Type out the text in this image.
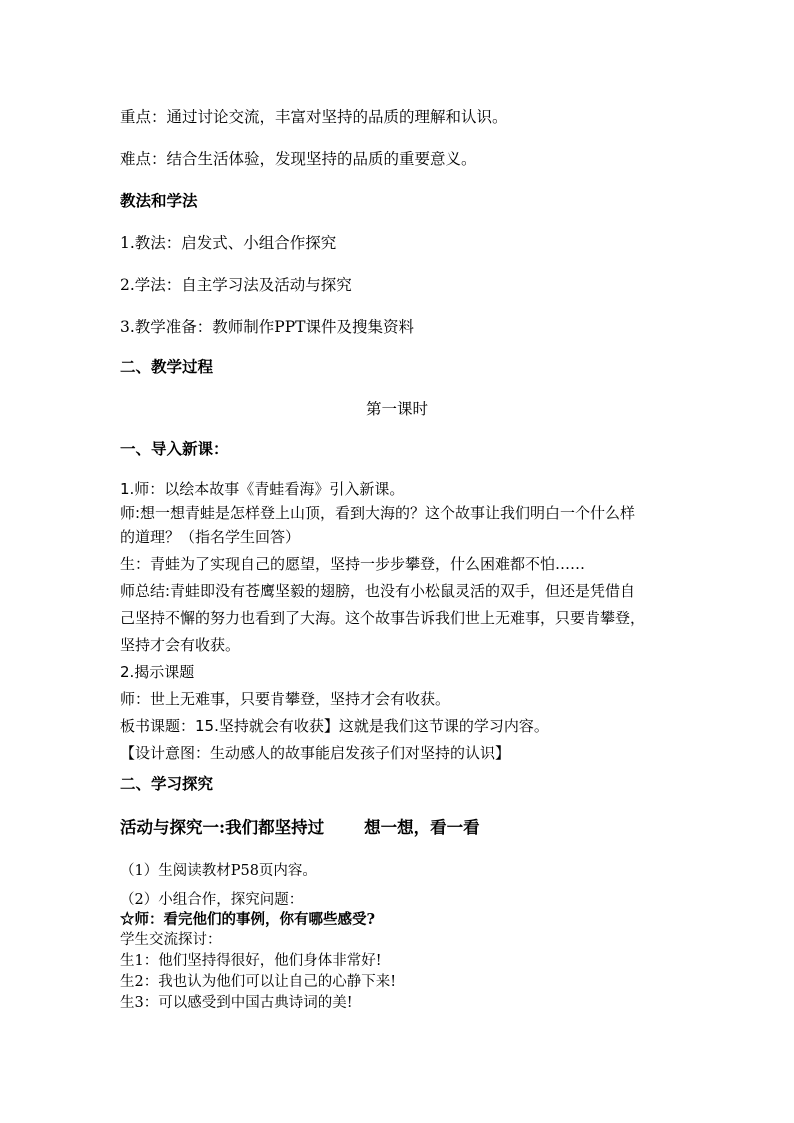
重点：通过讨论交流，丰富对坚持的品质的理解和认识。
难点：结合生活体验，发现坚持的品质的重要意义。
教法和学法
1.教法：启发式、小组合作探究
2.学法：自主学习法及活动与探究
3.教学准备：教师制作PPT课件及搜集资料
二、教学过程
第一课时
一、导入新课：
1.师：以绘本故事《青蛙看海》引入新课。
师:想一想青蛙是怎样登上山顶，看到大海的？这个故事让我们明白一个什么样
的道理？（指名学生回答）
生：青蛙为了实现自己的愿望，坚持一步步攀登，什么困难都不怕……
师总结:青蛙即没有苍鹰坚毅的翅膀，也没有小松鼠灵活的双手，但还是凭借自
己坚持不懈的努力也看到了大海。这个故事告诉我们世上无难事，只要肯攀登，
坚持才会有收获。
2.揭示课题
师：世上无难事，只要肯攀登，坚持才会有收获。
板书课题：15.坚持就会有收获】这就是我们这节课的学习内容。
【设计意图：生动感人的故事能启发孩子们对坚持的认识】
二、学习探究
活动与探究一:我们都坚持过 想一想，看一看
（1）生阅读教材P58页内容。
（2）小组合作，探究问题：
☆师：看完他们的事例，你有哪些感受?
学生交流探讨：
生1：他们坚持得很好，他们身体非常好!
生2：我也认为他们可以让自己的心静下来!
生3：可以感受到中国古典诗词的美!
